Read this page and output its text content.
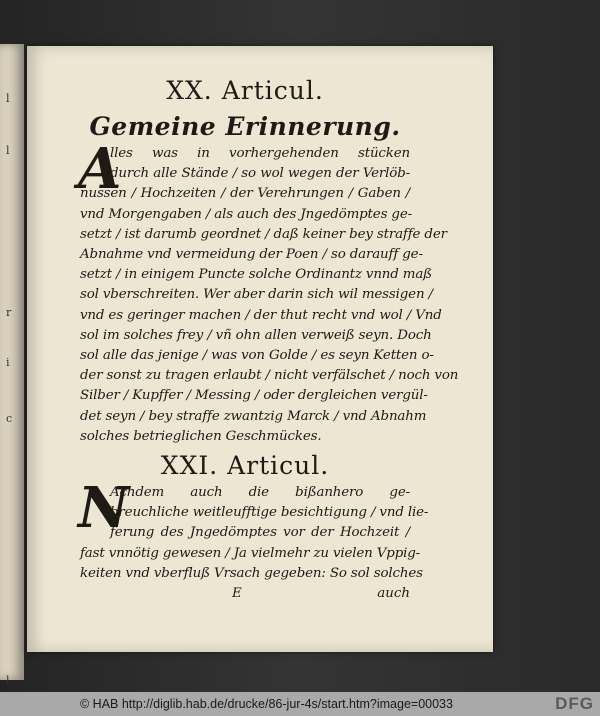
l
l
r
i
c
l
XX. Articul.
Gemeine Erinnerung.
A
lles was in vorhergehenden stücken
durch alle Stände / so wol wegen der Verlöb-
nussen / Hochzeiten / der Verehrungen / Gaben /
vnd Morgengaben / als auch des Jngedömptes ge-
setzt / ist darumb geordnet / daß keiner bey straffe der
Abnahme vnd vermeidung der Poen / so darauff ge-
setzt / in einigem Puncte solche Ordinantz vnnd maß
sol vberschreiten. Wer aber darin sich wil messigen /
vnd es geringer machen / der thut recht vnd wol / Vnd
sol im solches frey / vñ ohn allen verweiß seyn. Doch
sol alle das jenige / was von Golde / es seyn Ketten o-
der sonst zu tragen erlaubt / nicht verfälschet / noch von
Silber / Kupffer / Messing / oder dergleichen vergül-
det seyn / bey straffe zwantzig Marck / vnd Abnahm
solches betrieglichen Geschmückes.
XXI. Articul.
N
Achdem auch die bißanhero ge-
breuchliche weitleufftige besichtigung / vnd lie-
ferung des Jngedömptes vor der Hochzeit /
fast vnnötig gewesen / Ja vielmehr zu vielen Vppig-
keiten vnd vberfluß Vrsach gegeben: So sol solches
E	auch
© HAB http://diglib.hab.de/drucke/86-jur-4s/start.htm?image=00033	DFG
